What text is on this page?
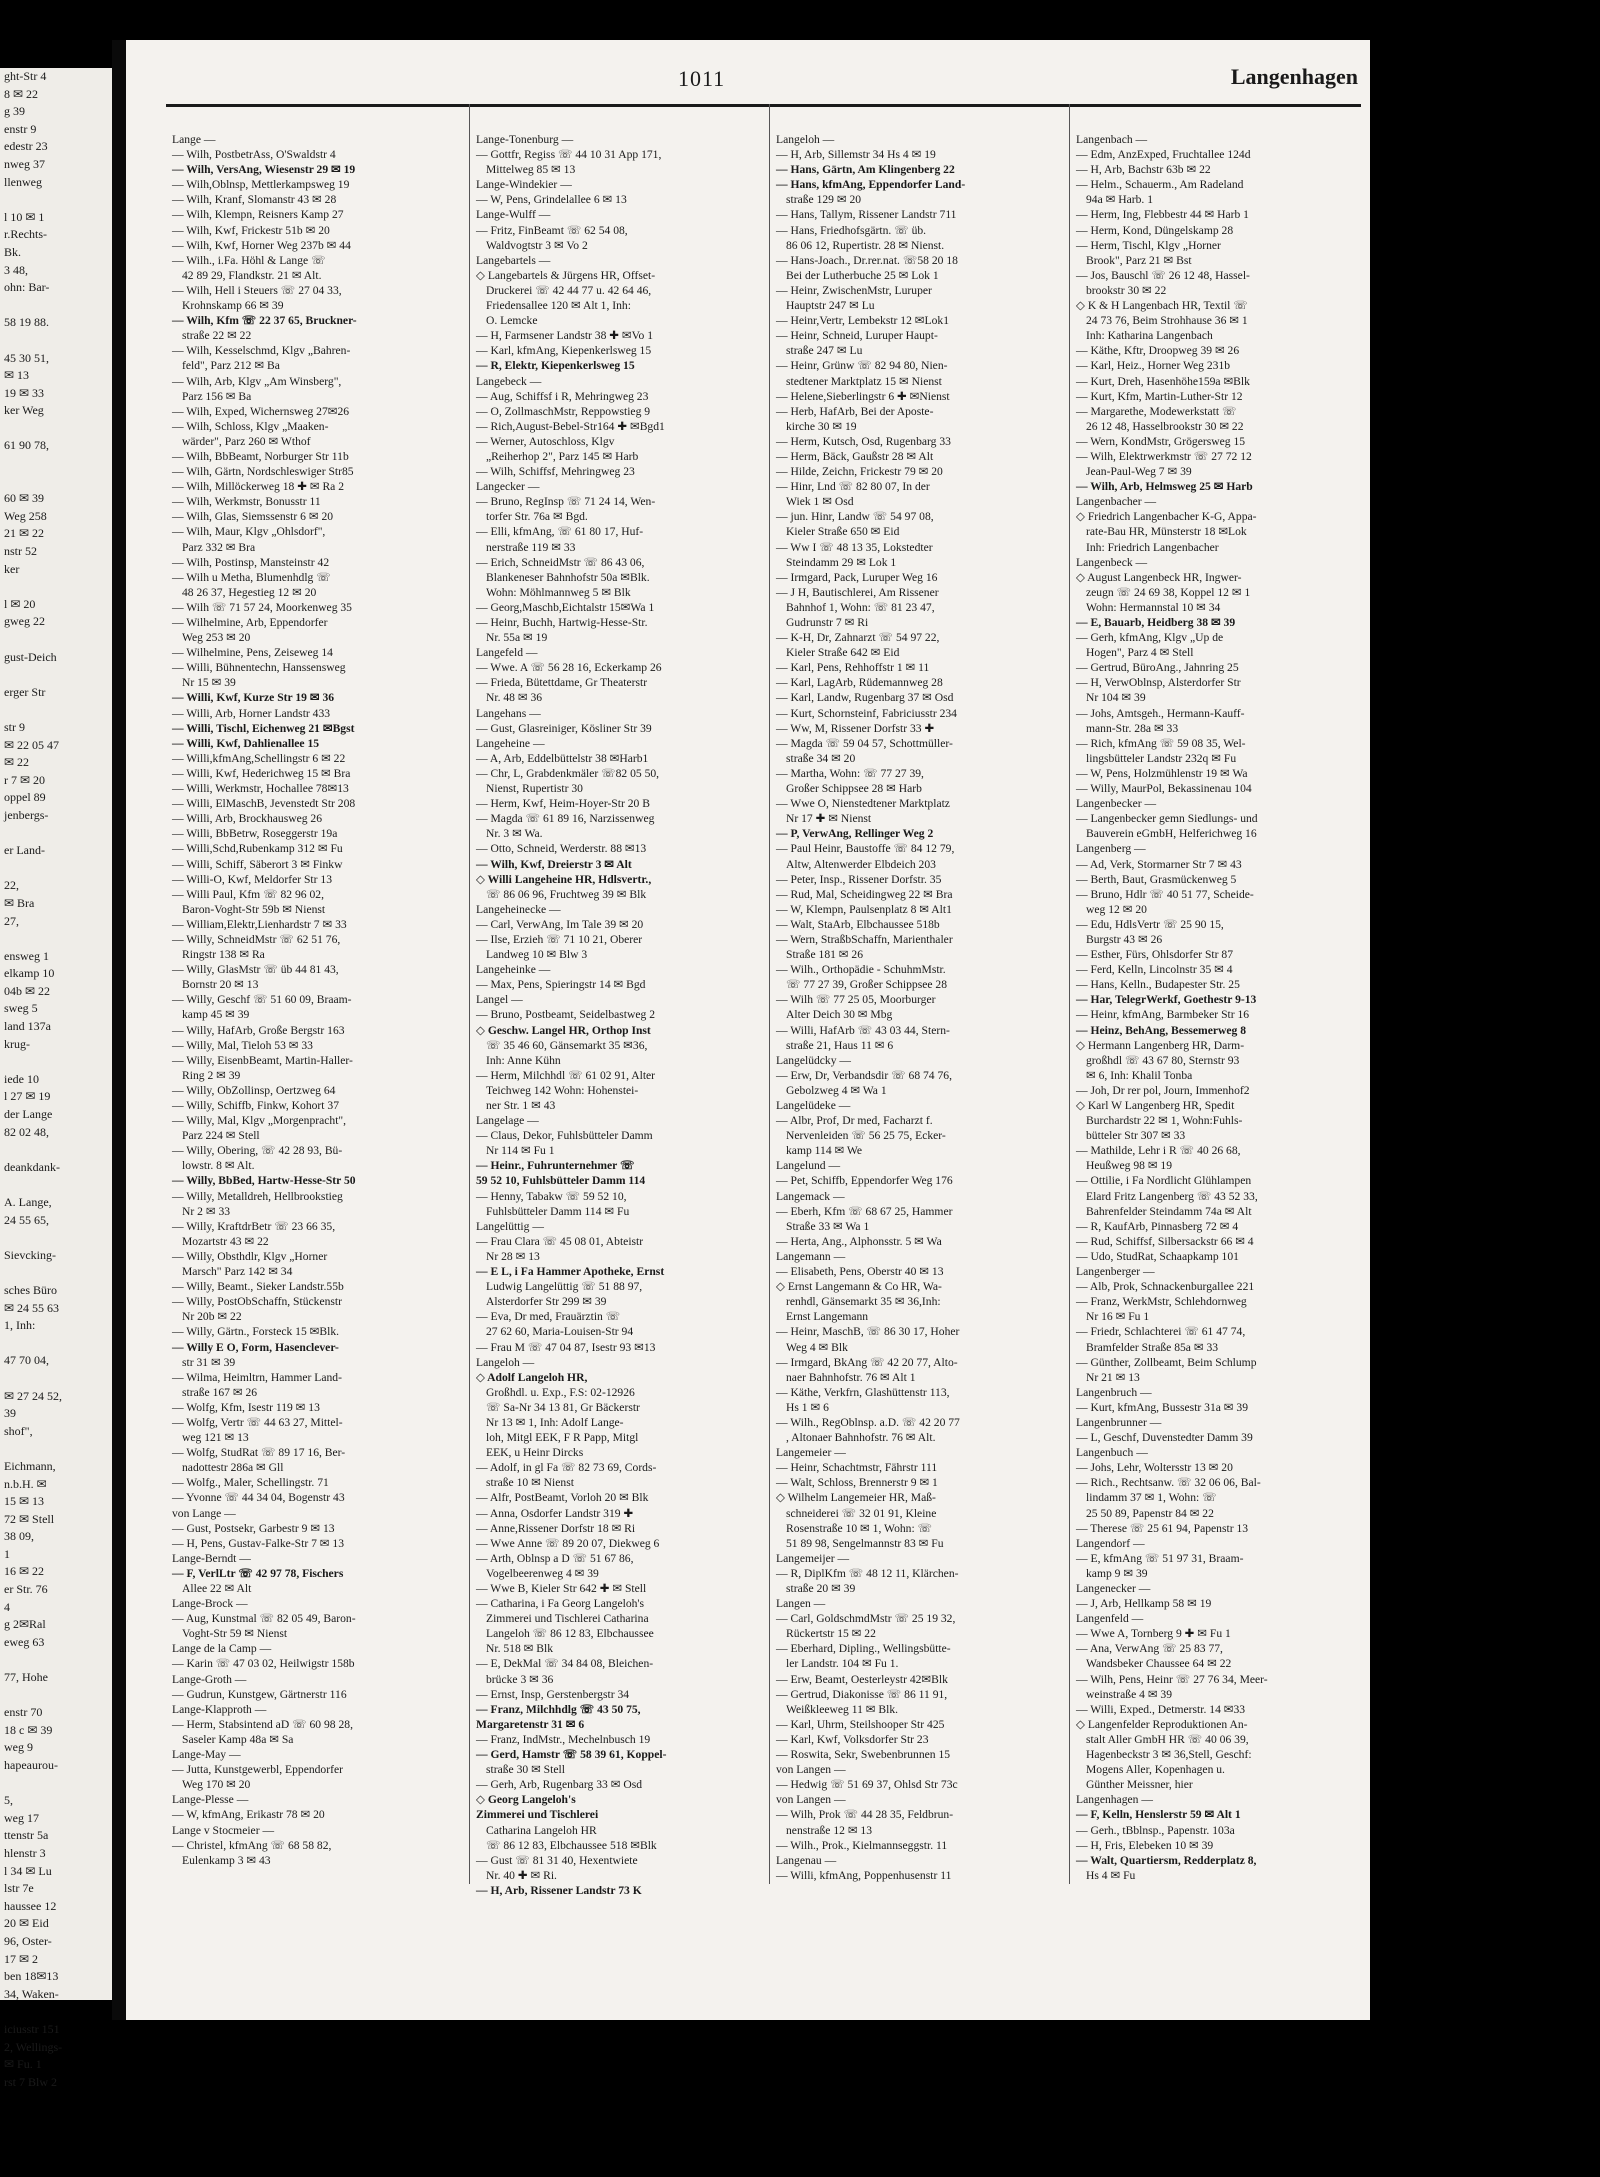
ght-Str 4
8 ✉ 22
g 39
enstr 9
edestr 23
nweg 37
llenweg

l 10 ✉ 1
r.Rechts-
Bk.
3 48,
ohn: Bar-

58 19 88.

45 30 51,
✉ 13
19 ✉ 33
ker Weg

61 90 78,

60 ✉ 39
Weg 258
21 ✉ 22
nstr 52
ker

l ✉ 20
gweg 22

gust-Deich

erger Str

str 9
✉ 22 05 47
✉ 22
r 7 ✉ 20
oppel 89
jenbergs-

er Land-

22,
✉ Bra
27,

ensweg 1
elkamp 10
04b ✉ 22
sweg 5
land 137a
krug-

iede 10
l 27 ✉ 19
der Lange
82 02 48,

deankdank-

A. Lange,
24 55 65,

Sievcking-

sches Büro
✉ 24 55 63
1, Inh:

47 70 04,

✉ 27 24 52,
39
shof",

Eichmann,
n.b.H. ✉
15 ✉ 13
72 ✉ Stell
38 09,
1
16 ✉ 22
er Str. 76
4
g 2✉Ral
eweg 63

77, Hohe

enstr 70
18 c ✉ 39
weg 9
hapeaurou-

5,
weg 17
ttenstr 5a
hlenstr 3
l 34 ✉ Lu
lstr 7e
haussee 12
20 ✉ Eid
96, Oster-
17 ✉ 2
ben 18✉13
34, Waken-

iciusstr 151
2, Wellings-
✉ Fu. 1
rst 7 Blw 2
1011	Langenhagen
Lange —
— Wilh, PostbetrAss, O'Swaldstr 4
— Wilh, VersAng, Wiesenstr 29 ✉ 19
— Wilh,Oblnsp, Mettlerkampsweg 19
— Wilh, Kranf, Slomanstr 43 ✉ 28
— Wilh, Klempn, Reisners Kamp 27
— Wilh, Kwf, Frickestr 51b ✉ 20
— Wilh, Kwf, Horner Weg 237b ✉ 44
— Wilh., i.Fa. Höhl & Lange ☏
42 89 29, Flandkstr. 21 ✉ Alt.
— Wilh, Hell i Steuers ☏ 27 04 33,
Krohnskamp 66 ✉ 39
— Wilh, Kfm ☏ 22 37 65, Bruckner-
straße 22 ✉ 22
— Wilh, Kesselschmd, Klgv „Bahren-
feld", Parz 212 ✉ Ba
— Wilh, Arb, Klgv „Am Winsberg",
Parz 156 ✉ Ba
— Wilh, Exped, Wichernsweg 27✉26
— Wilh, Schloss, Klgv „Maaken-
wärder", Parz 260 ✉ Wthof
— Wilh, BbBeamt, Norburger Str 11b
— Wilh, Gärtn, Nordschleswiger Str85
— Wilh, Millöckerweg 18 ✚ ✉ Ra 2
— Wilh, Werkmstr, Bonusstr 11
— Wilh, Glas, Siemssenstr 6 ✉ 20
— Wilh, Maur, Klgv „Ohlsdorf",
Parz 332 ✉ Bra
— Wilh, Postinsp, Mansteinstr 42
— Wilh u Metha, Blumenhdlg ☏
48 26 37, Hegestieg 12 ✉ 20
— Wilh ☏ 71 57 24, Moorkenweg 35
— Wilhelmine, Arb, Eppendorfer
Weg 253 ✉ 20
— Wilhelmine, Pens, Zeiseweg 14
— Willi, Bühnentechn, Hanssensweg
Nr 15 ✉ 39
— Willi, Kwf, Kurze Str 19 ✉ 36
— Willi, Arb, Horner Landstr 433
— Willi, Tischl, Eichenweg 21 ✉Bgst
— Willi, Kwf, Dahlienallee 15
— Willi,kfmAng,Schellingstr 6 ✉ 22
— Willi, Kwf, Hederichweg 15 ✉ Bra
— Willi, Werkmstr, Hochallee 78✉13
— Willi, ElMaschB, Jevenstedt Str 208
— Willi, Arb, Brockhausweg 26
— Willi, BbBetrw, Roseggerstr 19a
— Willi,Schd,Rubenkamp 312 ✉ Fu
— Willi, Schiff, Säberort 3 ✉ Finkw
— Willi-O, Kwf, Meldorfer Str 13
— Willi Paul, Kfm ☏ 82 96 02,
Baron-Voght-Str 59b ✉ Nienst
— William,Elektr,Lienhardstr 7 ✉ 33
— Willy, SchneidMstr ☏ 62 51 76,
Ringstr 138 ✉ Ra
— Willy, GlasMstr ☏ üb 44 81 43,
Bornstr 20 ✉ 13
— Willy, Geschf ☏ 51 60 09, Braam-
kamp 45 ✉ 39
— Willy, HafArb, Große Bergstr 163
— Willy, Mal, Tieloh 53 ✉ 33
— Willy, EisenbBeamt, Martin-Haller-
Ring 2 ✉ 39
— Willy, ObZollinsp, Oertzweg 64
— Willy, Schiffb, Finkw, Kohort 37
— Willy, Mal, Klgv „Morgenpracht",
Parz 224 ✉ Stell
— Willy, Obering, ☏ 42 28 93, Bü-
lowstr. 8 ✉ Alt.
— Willy, BbBed, Hartw-Hesse-Str 50
— Willy, Metalldreh, Hellbrookstieg
Nr 2 ✉ 33
— Willy, KraftdrBetr ☏ 23 66 35,
Mozartstr 43 ✉ 22
— Willy, Obsthdlr, Klgv „Horner
Marsch" Parz 142 ✉ 34
— Willy, Beamt., Sieker Landstr.55b
— Willy, PostObSchaffn, Stückenstr
Nr 20b ✉ 22
— Willy, Gärtn., Forsteck 15 ✉Blk.
— Willy E O, Form, Hasenclever-
str 31 ✉ 39
— Wilma, Heimltrn, Hammer Land-
straße 167 ✉ 26
— Wolfg, Kfm, Isestr 119 ✉ 13
— Wolfg, Vertr ☏ 44 63 27, Mittel-
weg 121 ✉ 13
— Wolfg, StudRat ☏ 89 17 16, Ber-
nadottestr 286a ✉ Gll
— Wolfg., Maler, Schellingstr. 71
— Yvonne ☏ 44 34 04, Bogenstr 43
von Lange —
— Gust, Postsekr, Garbestr 9 ✉ 13
— H, Pens, Gustav-Falke-Str 7 ✉ 13
Lange-Berndt —
— F, VerlLtr ☏ 42 97 78, Fischers
Allee 22 ✉ Alt
Lange-Brock —
— Aug, Kunstmal ☏ 82 05 49, Baron-
Voght-Str 59 ✉ Nienst
Lange de la Camp —
— Karin ☏ 47 03 02, Heilwigstr 158b
Lange-Groth —
— Gudrun, Kunstgew, Gärtnerstr 116
Lange-Klapproth —
— Herm, Stabsintend aD ☏ 60 98 28,
Saseler Kamp 48a ✉ Sa
Lange-May —
— Jutta, Kunstgewerbl, Eppendorfer
Weg 170 ✉ 20
Lange-Plesse —
— W, kfmAng, Erikastr 78 ✉ 20
Lange v Stocmeier —
— Christel, kfmAng ☏ 68 58 82,
Eulenkamp 3 ✉ 43
Lange-Tonenburg —
— Gottfr, Regiss ☏ 44 10 31 App 171,
Mittelweg 85 ✉ 13
Lange-Windekier —
— W, Pens, Grindelallee 6 ✉ 13
Lange-Wulff —
— Fritz, FinBeamt ☏ 62 54 08,
Waldvogtstr 3 ✉ Vo 2
Langebartels —
◇ Langebartels & Jürgens HR, Offset-
Druckerei ☏ 42 44 77 u. 42 64 46,
Friedensallee 120 ✉ Alt 1, Inh:
O. Lemcke
— H, Farmsener Landstr 38 ✚ ✉Vo 1
— Karl, kfmAng, Kiepenkerlsweg 15
— R, Elektr, Kiepenkerlsweg 15
Langebeck —
— Aug, Schiffsf i R, Mehringweg 23
— O, ZollmaschMstr, Reppowstieg 9
— Rich,August-Bebel-Str164 ✚ ✉Bgd1
— Werner, Autoschloss, Klgv
„Reiherhop 2", Parz 145 ✉ Harb
— Wilh, Schiffsf, Mehringweg 23
Langecker —
— Bruno, RegInsp ☏ 71 24 14, Wen-
torfer Str. 76a ✉ Bgd.
— Elli, kfmAng, ☏ 61 80 17, Huf-
nerstraße 119 ✉ 33
— Erich, SchneidMstr ☏ 86 43 06,
Blankeneser Bahnhofstr 50a ✉Blk.
Wohn: Möhlmannweg 5 ✉ Blk
— Georg,Maschb,Eichtalstr 15✉Wa 1
— Heinr, Buchh, Hartwig-Hesse-Str.
Nr. 55a ✉ 19
Langefeld —
— Wwe. A ☏ 56 28 16, Eckerkamp 26
— Frieda, Bütettdame, Gr Theaterstr
Nr. 48 ✉ 36
Langehans —
— Gust, Glasreiniger, Kösliner Str 39
Langeheine —
— A, Arb, Eddelbüttelstr 38 ✉Harb1
— Chr, L, Grabdenkmäler ☏82 05 50,
Nienst, Rupertistr 30
— Herm, Kwf, Heim-Hoyer-Str 20 B
— Magda ☏ 61 89 16, Narzissenweg
Nr. 3 ✉ Wa.
— Otto, Schneid, Werderstr. 88 ✉13
— Wilh, Kwf, Dreierstr 3 ✉ Alt
◇ Willi Langeheine HR, Hdlsvertr.,
☏ 86 06 96, Fruchtweg 39 ✉ Blk
Langeheinecke —
— Carl, VerwAng, Im Tale 39 ✉ 20
— Ilse, Erzieh ☏ 71 10 21, Oberer
Landweg 10 ✉ Blw 3
Langeheinke —
— Max, Pens, Spieringstr 14 ✉ Bgd
Langel —
— Bruno, Postbeamt, Seidelbastweg 2
◇ Geschw. Langel HR, Orthop Inst
☏ 35 46 60, Gänsemarkt 35 ✉36,
Inh: Anne Kühn
— Herm, Milchhdl ☏ 61 02 91, Alter
Teichweg 142 Wohn: Hohenstei-
ner Str. 1 ✉ 43
Langelage —
— Claus, Dekor, Fuhlsbütteler Damm
Nr 114 ✉ Fu 1
— Heinr., Fuhrunternehmer ☏
59 52 10, Fuhlsbütteler Damm 114
— Henny, Tabakw ☏ 59 52 10,
Fuhlsbütteler Damm 114 ✉ Fu
Langelüttig —
— Frau Clara ☏ 45 08 01, Abteistr
Nr 28 ✉ 13
— E L, i Fa Hammer Apotheke, Ernst
Ludwig Langelüttig ☏ 51 88 97,
Alsterdorfer Str 299 ✉ 39
— Eva, Dr med, Frauärztin ☏
27 62 60, Maria-Louisen-Str 94
— Frau M ☏ 47 04 87, Isestr 93 ✉13
Langeloh —
◇ Adolf Langeloh HR,
Großhdl. u. Exp., F.S: 02-12926
☏ Sa-Nr 34 13 81, Gr Bäckerstr
Nr 13 ✉ 1, Inh: Adolf Lange-
loh, Mitgl EEK, F R Papp, Mitgl
EEK, u Heinr Dircks
— Adolf, in gl Fa ☏ 82 73 69, Cords-
straße 10 ✉ Nienst
— Alfr, PostBeamt, Vorloh 20 ✉ Blk
— Anna, Osdorfer Landstr 319 ✚
— Anne,Rissener Dorfstr 18 ✉ Ri
— Wwe Anne ☏ 89 20 07, Diekweg 6
— Arth, Oblnsp a D ☏ 51 67 86,
Vogelbeerenweg 4 ✉ 39
— Wwe B, Kieler Str 642 ✚ ✉ Stell
— Catharina, i Fa Georg Langeloh's
Zimmerei und Tischlerei Catharina
Langeloh ☏ 86 12 83, Elbchaussee
Nr. 518 ✉ Blk
— E, DekMal ☏ 34 84 08, Bleichen-
brücke 3 ✉ 36
— Ernst, Insp, Gerstenbergstr 34
— Franz, Milchhdlg ☏ 43 50 75,
Margaretenstr 31 ✉ 6
— Franz, IndMstr., Mechelnbusch 19
— Gerd, Hamstr ☏ 58 39 61, Koppel-
straße 30 ✉ Stell
— Gerh, Arb, Rugenbarg 33 ✉ Osd
◇ Georg Langeloh's
Zimmerei und Tischlerei
Catharina Langeloh HR
☏ 86 12 83, Elbchaussee 518 ✉Blk
— Gust ☏ 81 31 40, Hexentwiete
Nr. 40 ✚ ✉ Ri.
— H, Arb, Rissener Landstr 73 K
Langeloh —
— H, Arb, Sillemstr 34 Hs 4 ✉ 19
— Hans, Gärtn, Am Klingenberg 22
— Hans, kfmAng, Eppendorfer Land-
straße 129 ✉ 20
— Hans, Tallym, Rissener Landstr 711
— Hans, Friedhofsgärtn. ☏ üb.
86 06 12, Rupertistr. 28 ✉ Nienst.
— Hans-Joach., Dr.rer.nat. ☏58 20 18
Bei der Lutherbuche 25 ✉ Lok 1
— Heinr, ZwischenMstr, Luruper
Hauptstr 247 ✉ Lu
— Heinr,Vertr, Lembekstr 12 ✉Lok1
— Heinr, Schneid, Luruper Haupt-
straße 247 ✉ Lu
— Heinr, Grünw ☏ 82 94 80, Nien-
stedtener Marktplatz 15 ✉ Nienst
— Helene,Sieberlingstr 6 ✚ ✉Nienst
— Herb, HafArb, Bei der Aposte-
kirche 30 ✉ 19
— Herm, Kutsch, Osd, Rugenbarg 33
— Herm, Bäck, Gaußstr 28 ✉ Alt
— Hilde, Zeichn, Frickestr 79 ✉ 20
— Hinr, Lnd ☏ 82 80 07, In der
Wiek 1 ✉ Osd
— jun. Hinr, Landw ☏ 54 97 08,
Kieler Straße 650 ✉ Eid
— Ww I ☏ 48 13 35, Lokstedter
Steindamm 29 ✉ Lok 1
— Irmgard, Pack, Luruper Weg 16
— J H, Bautischlerei, Am Rissener
Bahnhof 1, Wohn: ☏ 81 23 47,
Gudrunstr 7 ✉ Ri
— K-H, Dr, Zahnarzt ☏ 54 97 22,
Kieler Straße 642 ✉ Eid
— Karl, Pens, Rehhoffstr 1 ✉ 11
— Karl, LagArb, Rüdemannweg 28
— Karl, Landw, Rugenbarg 37 ✉ Osd
— Kurt, Schornsteinf, Fabriciusstr 234
— Ww, M, Rissener Dorfstr 33 ✚
— Magda ☏ 59 04 57, Schottmüller-
straße 34 ✉ 20
— Martha, Wohn: ☏ 77 27 39,
Großer Schippsee 28 ✉ Harb
— Wwe O, Nienstedtener Marktplatz
Nr 17 ✚ ✉ Nienst
— P, VerwAng, Rellinger Weg 2
— Paul Heinr, Baustoffe ☏ 84 12 79,
Altw, Altenwerder Elbdeich 203
— Peter, Insp., Rissener Dorfstr. 35
— Rud, Mal, Scheidingweg 22 ✉ Bra
— W, Klempn, Paulsenplatz 8 ✉ Alt1
— Walt, StaArb, Elbchaussee 518b
— Wern, StraßbSchaffn, Marienthaler
Straße 181 ✉ 26
— Wilh., Orthopädie - SchuhmMstr.
☏ 77 27 39, Großer Schippsee 28
— Wilh ☏ 77 25 05, Moorburger
Alter Deich 30 ✉ Mbg
— Willi, HafArb ☏ 43 03 44, Stern-
straße 21, Haus 11 ✉ 6
Langelüdcky —
— Erw, Dr, Verbandsdir ☏ 68 74 76,
Gebolzweg 4 ✉ Wa 1
Langelüdeke —
— Albr, Prof, Dr med, Facharzt f.
Nervenleiden ☏ 56 25 75, Ecker-
kamp 114 ✉ We
Langelund —
— Pet, Schiffb, Eppendorfer Weg 176
Langemack —
— Eberh, Kfm ☏ 68 67 25, Hammer
Straße 33 ✉ Wa 1
— Herta, Ang., Alphonsstr. 5 ✉ Wa
Langemann —
— Elisabeth, Pens, Oberstr 40 ✉ 13
◇ Ernst Langemann & Co HR, Wa-
renhdl, Gänsemarkt 35 ✉ 36,Inh:
Ernst Langemann
— Heinr, MaschB, ☏ 86 30 17, Hoher
Weg 4 ✉ Blk
— Irmgard, BkAng ☏ 42 20 77, Alto-
naer Bahnhofstr. 76 ✉ Alt 1
— Käthe, Verkfrn, Glashüttenstr 113,
Hs 1 ✉ 6
— Wilh., RegOblnsp. a.D. ☏ 42 20 77
, Altonaer Bahnhofstr. 76 ✉ Alt.
Langemeier —
— Heinr, Schachtmstr, Fährstr 111
— Walt, Schloss, Brennerstr 9 ✉ 1
◇ Wilhelm Langemeier HR, Maß-
schneiderei ☏ 32 01 91, Kleine
Rosenstraße 10 ✉ 1, Wohn: ☏
51 89 98, Sengelmannstr 83 ✉ Fu
Langemeijer —
— R, DiplKfm ☏ 48 12 11, Klärchen-
straße 20 ✉ 39
Langen —
— Carl, GoldschmdMstr ☏ 25 19 32,
Rückertstr 15 ✉ 22
— Eberhard, Dipling., Wellingsbütte-
ler Landstr. 104 ✉ Fu 1.
— Erw, Beamt, Oesterleystr 42✉Blk
— Gertrud, Diakonisse ☏ 86 11 91,
Weißkleeweg 11 ✉ Blk.
— Karl, Uhrm, Steilshooper Str 425
— Karl, Kwf, Volksdorfer Str 23
— Roswita, Sekr, Swebenbrunnen 15
von Langen —
— Hedwig ☏ 51 69 37, Ohlsd Str 73c
von Langen —
— Wilh, Prok ☏ 44 28 35, Feldbrun-
nenstraße 12 ✉ 13
— Wilh., Prok., Kielmannseggstr. 11
Langenau —
— Willi, kfmAng, Poppenhusenstr 11
Langenbach —
— Edm, AnzExped, Fruchtallee 124d
— H, Arb, Bachstr 63b ✉ 22
— Helm., Schauerm., Am Radeland
94a ✉ Harb. 1
— Herm, Ing, Flebbestr 44 ✉ Harb 1
— Herm, Kond, Düngelskamp 28
— Herm, Tischl, Klgv „Horner
Brook", Parz 21 ✉ Bst
— Jos, Bauschl ☏ 26 12 48, Hassel-
brookstr 30 ✉ 22
◇ K & H Langenbach HR, Textil ☏
24 73 76, Beim Strohhause 36 ✉ 1
Inh: Katharina Langenbach
— Käthe, Kftr, Droopweg 39 ✉ 26
— Karl, Heiz., Horner Weg 231b
— Kurt, Dreh, Hasenhöhe159a ✉Blk
— Kurt, Kfm, Martin-Luther-Str 12
— Margarethe, Modewerkstatt ☏
26 12 48, Hasselbrookstr 30 ✉ 22
— Wern, KondMstr, Grögersweg 15
— Wilh, Elektrwerkmstr ☏ 27 72 12
Jean-Paul-Weg 7 ✉ 39
— Wilh, Arb, Helmsweg 25 ✉ Harb
Langenbacher —
◇ Friedrich Langenbacher K-G, Appa-
rate-Bau HR, Münsterstr 18 ✉Lok
Inh: Friedrich Langenbacher
Langenbeck —
◇ August Langenbeck HR, Ingwer-
zeugn ☏ 24 69 38, Koppel 12 ✉ 1
Wohn: Hermannstal 10 ✉ 34
— E, Bauarb, Heidberg 38 ✉ 39
— Gerh, kfmAng, Klgv „Up de
Hogen", Parz 4 ✉ Stell
— Gertrud, BüroAng., Jahnring 25
— H, VerwOblnsp, Alsterdorfer Str
Nr 104 ✉ 39
— Johs, Amtsgeh., Hermann-Kauff-
mann-Str. 28a ✉ 33
— Rich, kfmAng ☏ 59 08 35, Wel-
lingsbütteler Landstr 232q ✉ Fu
— W, Pens, Holzmühlenstr 19 ✉ Wa
— Willy, MaurPol, Bekassinenau 104
Langenbecker —
— Langenbecker gemn Siedlungs- und
Bauverein eGmbH, Helferichweg 16
Langenberg —
— Ad, Verk, Stormarner Str 7 ✉ 43
— Berth, Baut, Grasmückenweg 5
— Bruno, Hdlr ☏ 40 51 77, Scheide-
weg 12 ✉ 20
— Edu, HdlsVertr ☏ 25 90 15,
Burgstr 43 ✉ 26
— Esther, Fürs, Ohlsdorfer Str 87
— Ferd, Kelln, Lincolnstr 35 ✉ 4
— Hans, Kelln., Budapester Str. 25
— Har, TelegrWerkf, Goethestr 9-13
— Heinr, kfmAng, Barmbeker Str 16
— Heinz, BehAng, Bessemerweg 8
◇ Hermann Langenberg HR, Darm-
großhdl ☏ 43 67 80, Sternstr 93
✉ 6, Inh: Khalil Tonba
— Joh, Dr rer pol, Journ, Immenhof2
◇ Karl W Langenberg HR, Spedit
Burchardstr 22 ✉ 1, Wohn:Fuhls-
bütteler Str 307 ✉ 33
— Mathilde, Lehr i R ☏ 40 26 68,
Heußweg 98 ✉ 19
— Ottilie, i Fa Nordlicht Glühlampen
Elard Fritz Langenberg ☏ 43 52 33,
Bahrenfelder Steindamm 74a ✉ Alt
— R, KaufArb, Pinnasberg 72 ✉ 4
— Rud, Schiffsf, Silbersackstr 66 ✉ 4
— Udo, StudRat, Schaapkamp 101
Langenberger —
— Alb, Prok, Schnackenburgallee 221
— Franz, WerkMstr, Schlehdornweg
Nr 16 ✉ Fu 1
— Friedr, Schlachterei ☏ 61 47 74,
Bramfelder Straße 85a ✉ 33
— Günther, Zollbeamt, Beim Schlump
Nr 21 ✉ 13
Langenbruch —
— Kurt, kfmAng, Bussestr 31a ✉ 39
Langenbrunner —
— L, Geschf, Duvenstedter Damm 39
Langenbuch —
— Johs, Lehr, Woltersstr 13 ✉ 20
— Rich., Rechtsanw. ☏ 32 06 06, Bal-
lindamm 37 ✉ 1, Wohn: ☏
25 50 89, Papenstr 84 ✉ 22
— Therese ☏ 25 61 94, Papenstr 13
Langendorf —
— E, kfmAng ☏ 51 97 31, Braam-
kamp 9 ✉ 39
Langenecker —
— J, Arb, Hellkamp 58 ✉ 19
Langenfeld —
— Wwe A, Tornberg 9 ✚ ✉ Fu 1
— Ana, VerwAng ☏ 25 83 77,
Wandsbeker Chaussee 64 ✉ 22
— Wilh, Pens, Heinr ☏ 27 76 34, Meer-
weinstraße 4 ✉ 39
— Willi, Exped., Detmerstr. 14 ✉33
◇ Langenfelder Reproduktionen An-
stalt Aller GmbH HR ☏ 40 06 39,
Hagenbeckstr 3 ✉ 36,Stell, Geschf:
Mogens Aller, Kopenhagen u.
Günther Meissner, hier
Langenhagen —
— F, Kelln, Henslerstr 59 ✉ Alt 1
— Gerh., tBblnsp., Papenstr. 103a
— H, Fris, Elebeken 10 ✉ 39
— Walt, Quartiersm, Redderplatz 8,
Hs 4 ✉ Fu
